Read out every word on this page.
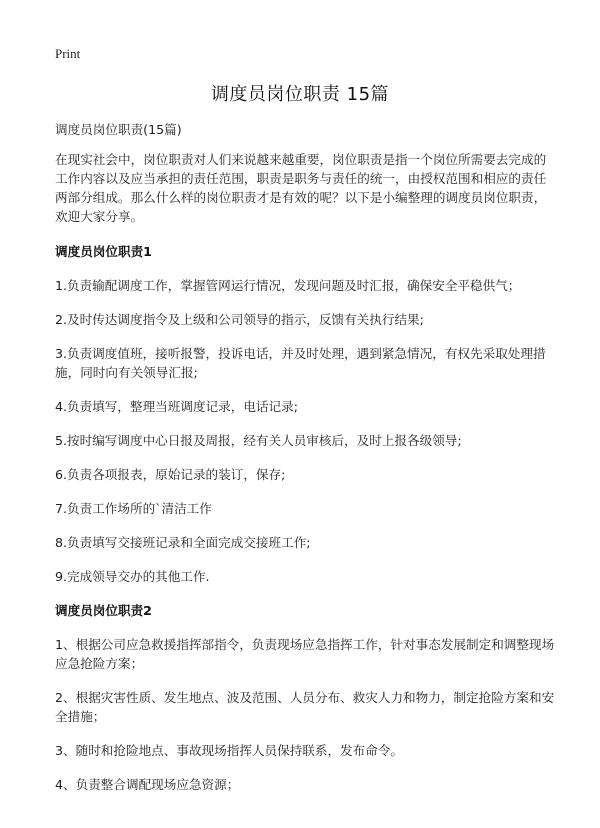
Print
调度员岗位职责 15篇

调度员岗位职责(15篇)

在现实社会中，岗位职责对人们来说越来越重要，岗位职责是指一个岗位所需要去完成的工作内容以及应当承担的责任范围，职责是职务与责任的统一，由授权范围和相应的责任两部分组成。那么什么样的岗位职责才是有效的呢？以下是小编整理的调度员岗位职责，欢迎大家分享。

调度员岗位职责1

1.负责输配调度工作，掌握管网运行情况，发现问题及时汇报，确保安全平稳供气；

2.及时传达调度指令及上级和公司领导的指示，反馈有关执行结果;

3.负责调度值班，接听报警，投诉电话，并及时处理，遇到紧急情况，有权先采取处理措施，同时向有关领导汇报;

4.负责填写，整理当班调度记录，电话记录;

5.按时编写调度中心日报及周报，经有关人员审核后，及时上报各级领导;

6.负责各项报表，原始记录的装订，保存;

7.负责工作场所的`清洁工作

8.负责填写交接班记录和全面完成交接班工作;

9.完成领导交办的其他工作.

调度员岗位职责2

1、根据公司应急救援指挥部指令，负责现场应急指挥工作，针对事态发展制定和调整现场应急抢险方案；

2、根据灾害性质、发生地点、波及范围、人员分布、救灾人力和物力，制定抢险方案和安全措施；

3、随时和抢险地点、事故现场指挥人员保持联系，发布命令。

4、负责整合调配现场应急资源；
